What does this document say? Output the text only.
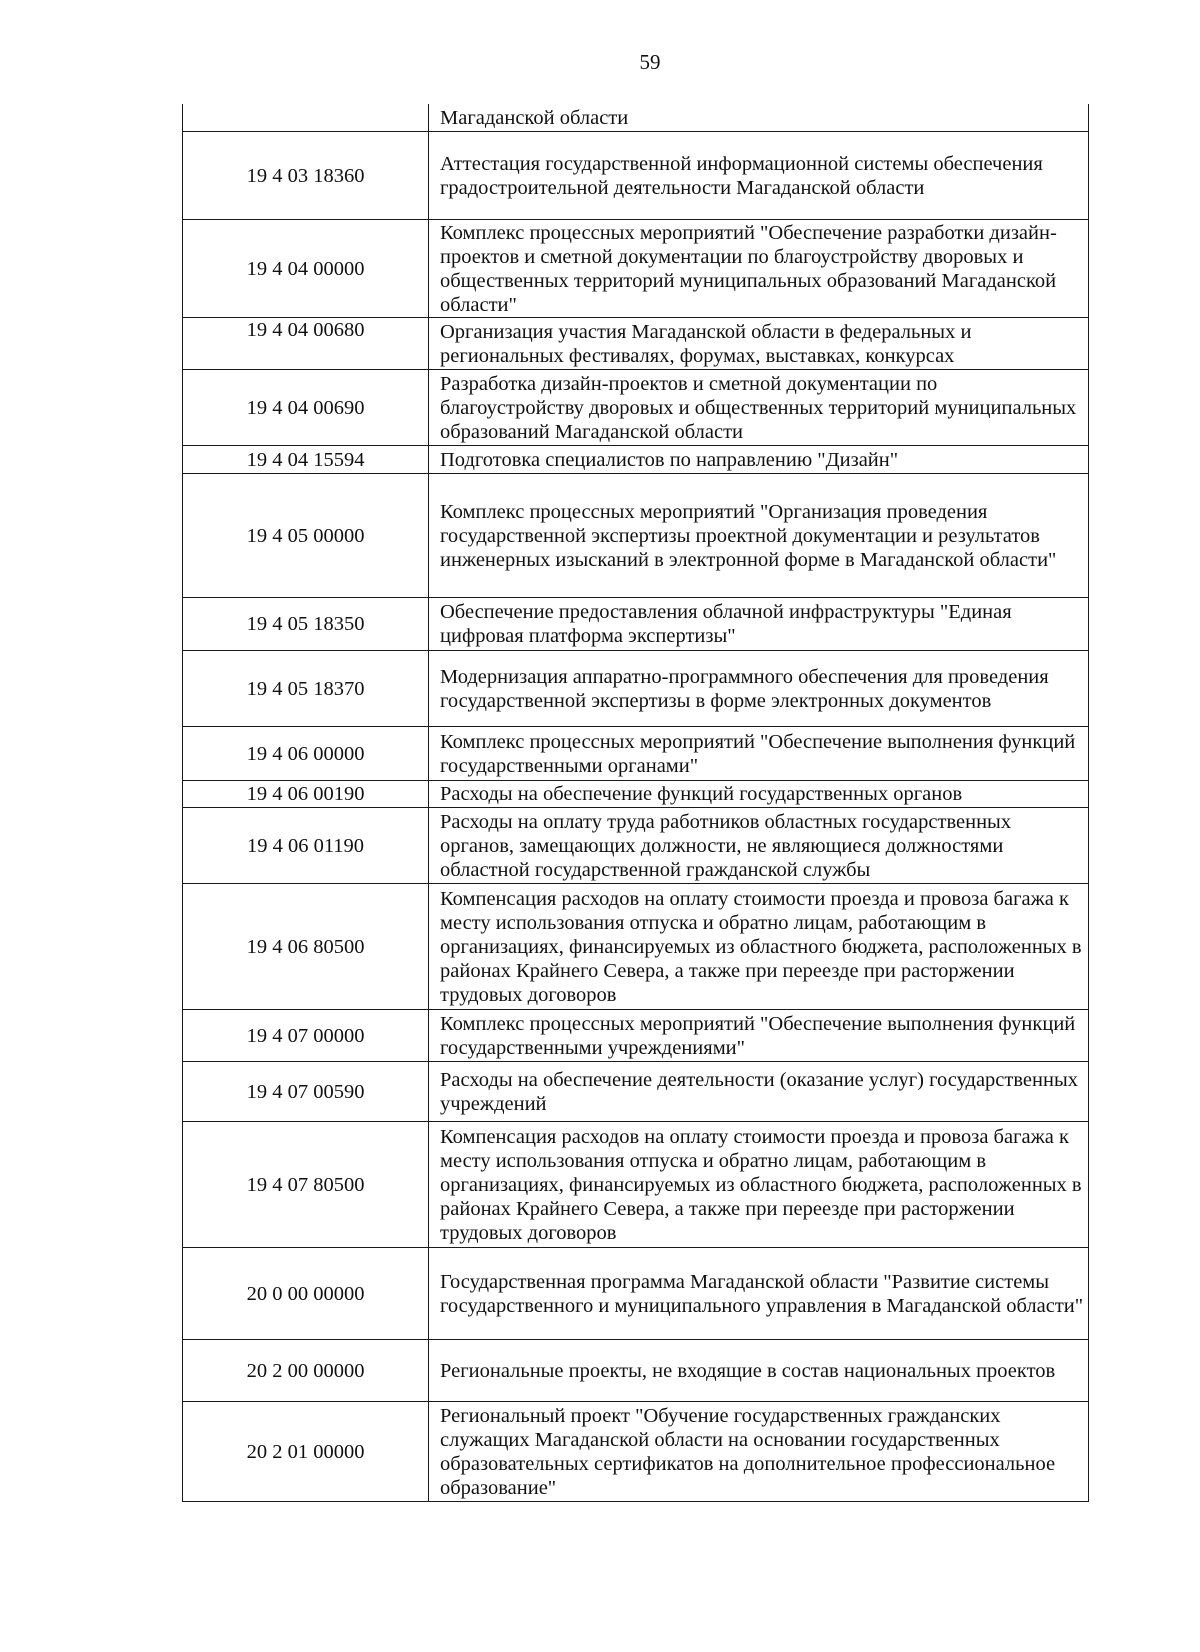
59
	Магаданской области
19 4 03 18360	Аттестация государственной информационной системы обеспечения градостроительной деятельности Магаданской области
19 4 04 00000	Комплекс процессных мероприятий "Обеспечение разработки дизайн-проектов и сметной документации по благоустройству дворовых и общественных территорий муниципальных образований Магаданской области"
19 4 04 00680	Организация участия Магаданской области в федеральных и региональных фестивалях, форумах, выставках, конкурсах
19 4 04 00690	Разработка дизайн-проектов и сметной документации по благоустройству дворовых и общественных территорий муниципальных образований Магаданской области
19 4 04 15594	Подготовка специалистов по направлению "Дизайн"
19 4 05 00000	Комплекс процессных мероприятий "Организация проведения государственной экспертизы проектной документации и результатов инженерных изысканий в электронной форме в Магаданской области"
19 4 05 18350	Обеспечение предоставления облачной инфраструктуры "Единая цифровая платформа экспертизы"
19 4 05 18370	Модернизация аппаратно-программного обеспечения для проведения государственной экспертизы в форме электронных документов
19 4 06 00000	Комплекс процессных мероприятий "Обеспечение выполнения функций государственными органами"
19 4 06 00190	Расходы на обеспечение функций государственных органов
19 4 06 01190	Расходы на оплату труда работников областных государственных органов, замещающих должности, не являющиеся должностями областной государственной гражданской службы
19 4 06 80500	Компенсация расходов на оплату стоимости проезда и провоза багажа к месту использования отпуска и обратно лицам, работающим в организациях, финансируемых из областного бюджета, расположенных в районах Крайнего Севера, а также при переезде при расторжении трудовых договоров
19 4 07 00000	Комплекс процессных мероприятий "Обеспечение выполнения функций государственными учреждениями"
19 4 07 00590	Расходы на обеспечение деятельности (оказание услуг) государственных учреждений
19 4 07 80500	Компенсация расходов на оплату стоимости проезда и провоза багажа к месту использования отпуска и обратно лицам, работающим в организациях, финансируемых из областного бюджета, расположенных в районах Крайнего Севера, а также при переезде при расторжении трудовых договоров
20 0 00 00000	Государственная программа Магаданской области "Развитие системы государственного и муниципального управления в Магаданской области"
20 2 00 00000	Региональные проекты, не входящие в состав национальных проектов
20 2 01 00000	Региональный проект "Обучение государственных гражданских служащих Магаданской области на основании государственных образовательных сертификатов на дополнительное профессиональное образование"
